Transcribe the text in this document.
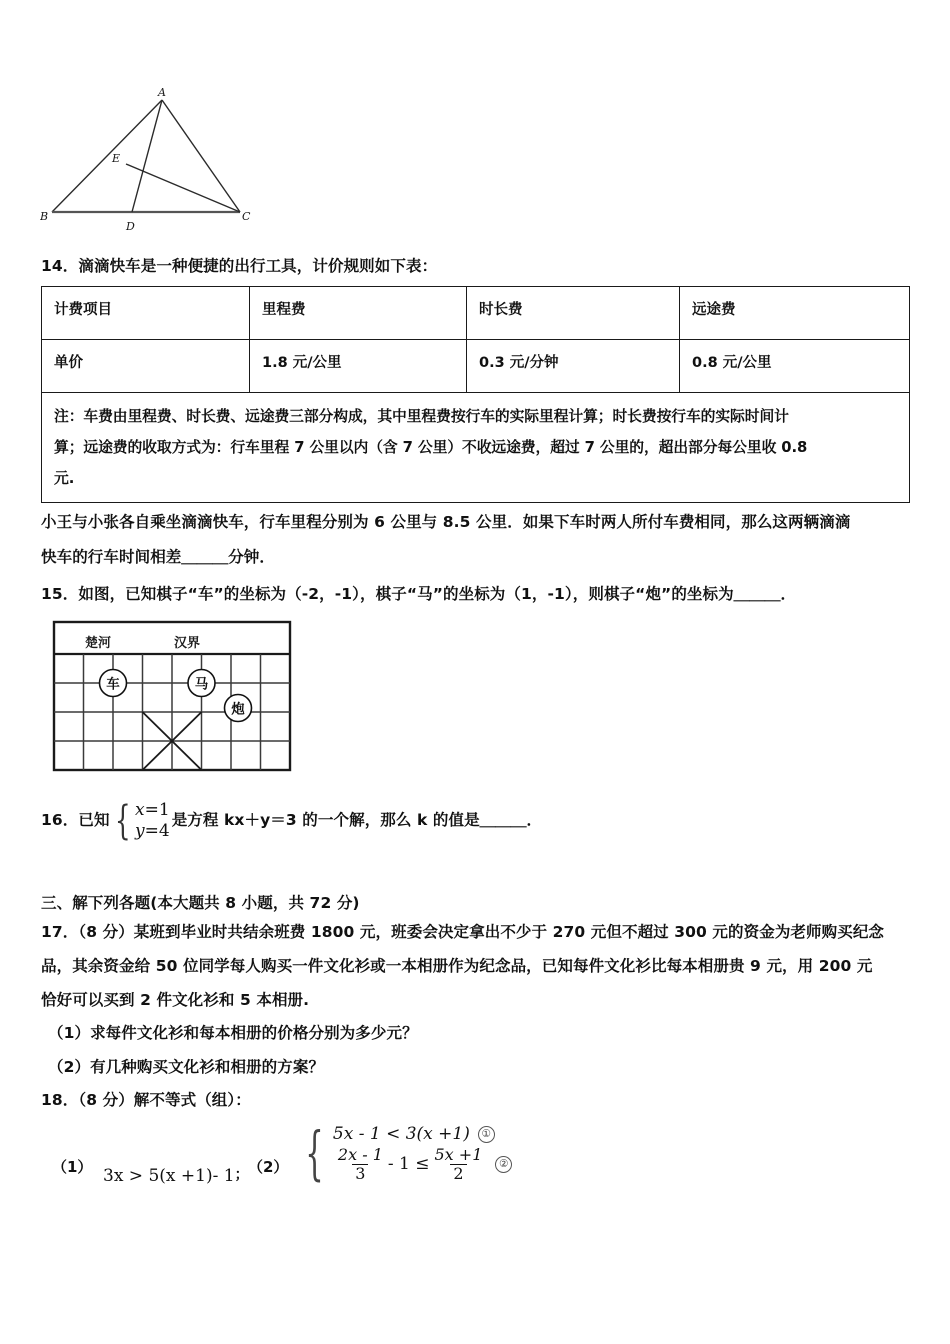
A
B	C
D
E
14．滴滴快车是一种便捷的出行工具，计价规则如下表：
计费项目	里程费	时长费	远途费
单价	1.8 元/公里	0.3 元/分钟	0.8 元/公里

注：车费由里程费、时长费、远途费三部分构成，其中里程费按行车的实际里程计算；时长费按行车的实际时间计
算；远途费的收取方式为：行车里程 7 公里以内（含 7 公里）不收远途费，超过 7 公里的，超出部分每公里收 0.8
元.			
小王与小张各自乘坐滴滴快车，行车里程分别为 6 公里与 8.5 公里．如果下车时两人所付车费相同，那么这两辆滴滴
快车的行车时间相差＿＿＿分钟．
15．如图，已知棋子“车”的坐标为（-2，-1），棋子“马”的坐标为（1，-1），则棋子“炮”的坐标为＿＿＿．
楚河	汉界
车	马
炮
16．已知 { x=1
y=4
是方程 kx＋y＝3 的一个解，那么 k 的值是＿＿＿．
三、解下列各题(本大题共 8 小题，共 72 分)
17．（8 分）某班到毕业时共结余班费 1800 元，班委会决定拿出不少于 270 元但不超过 300 元的资金为老师购买纪念
品，其余资金给 50 位同学每人购买一件文化衫或一本相册作为纪念品，已知每件文化衫比每本相册贵 9 元，用 200 元
恰好可以买到 2 件文化衫和 5 本相册.
（1）求每件文化衫和每本相册的价格分别为多少元？
（2）有几种购买文化衫和相册的方案？
18．（8 分）解不等式（组）：
（1） 3x > 5(x +1)- 1； （2） { 5x - 1 < 3(x +1)	①
$\frac{2x - 1}{3} - 1 \le \frac{5x +1}{2}$	②
